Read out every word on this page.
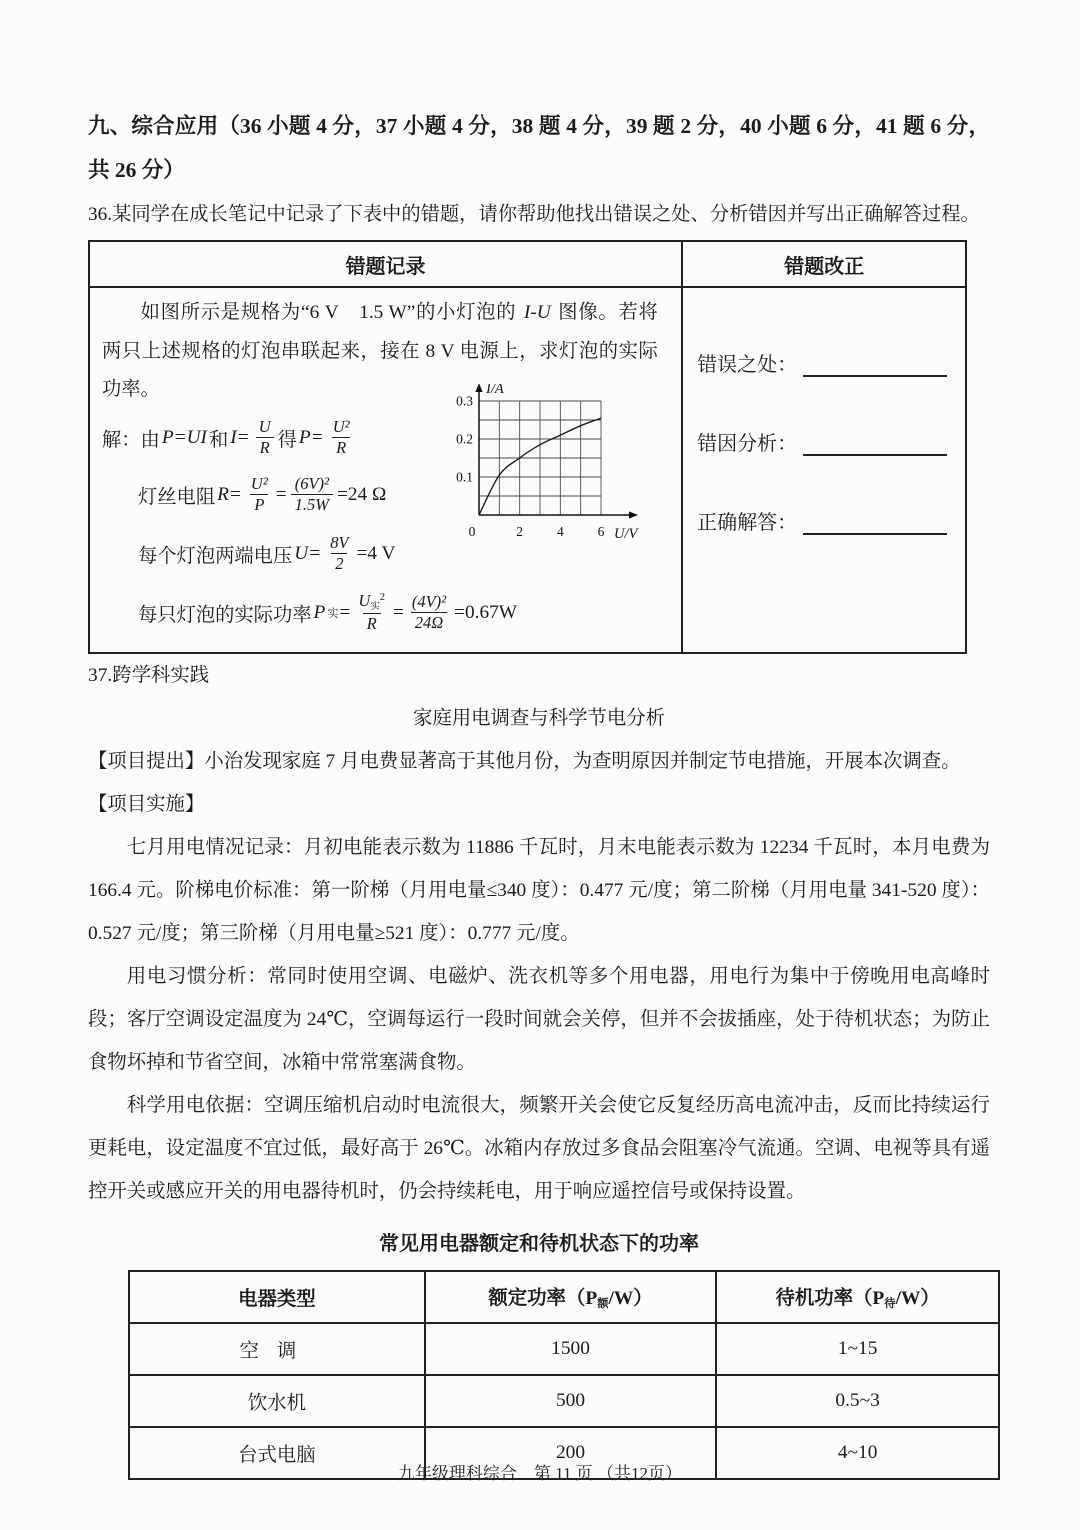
九、综合应用（36 小题 4 分，37 小题 4 分，38 题 4 分，39 题 2 分，40 小题 6 分，41 题 6 分，共 26 分）

36.某同学在成长笔记中记录了下表中的错题，请你帮助他找出错误之处、分析错因并写出正确解答过程。

错题记录	错题改正

如图所示是规格为“6 V　1.5 W”的小灯泡的 I-U 图像。若将两只上述规格的灯泡串联起来，接在 8 V 电源上，求灯泡的实际功率。

解：由 P=UI 和 $I= \frac{U}{R}$ 得 $P= \frac{\text{U²}}{R}$
灯丝电阻 $R= \frac{\text{U²}}{P} = \frac{\text{(6V)²}}{1.5W} =24$ Ω
每个灯泡两端电压 $U= \frac{8V}{2} =4$ V
每只灯泡的实际功率 P 实 = $\frac{U_实^2}{R} = \frac{\text{(4V)²}}{24\Omega} =0.67W$
I/A
U/V
0.1
0.2
0.3
0	2	4	6

错误之处：
错因分析：
正确解答：

37.跨学科实践

家庭用电调查与科学节电分析

【项目提出】小治发现家庭 7 月电费显著高于其他月份，为查明原因并制定节电措施，开展本次调查。

【项目实施】

七月用电情况记录：月初电能表示数为 11886 千瓦时，月末电能表示数为 12234 千瓦时，本月电费为 166.4 元。阶梯电价标准：第一阶梯（月用电量≤340 度）：0.477 元/度；第二阶梯（月用电量 341-520 度）：0.527 元/度；第三阶梯（月用电量≥521 度）：0.777 元/度。

用电习惯分析：常同时使用空调、电磁炉、洗衣机等多个用电器，用电行为集中于傍晚用电高峰时段；客厅空调设定温度为 24℃，空调每运行一段时间就会关停，但并不会拔插座，处于待机状态；为防止食物坏掉和节省空间，冰箱中常常塞满食物。

科学用电依据：空调压缩机启动时电流很大，频繁开关会使它反复经历高电流冲击，反而比持续运行更耗电，设定温度不宜过低，最好高于 26℃。冰箱内存放过多食品会阻塞冷气流通。空调、电视等具有遥控开关或感应开关的用电器待机时，仍会持续耗电，用于响应遥控信号或保持设置。

常见用电器额定和待机状态下的功率

电器类型	额定功率$(P_额/W)$	待机功率$(P_待/W)$
空 调	1500	1~15
饮水机	500	0.5~3
台式电脑	200	4~10
九年级理科综合　第 11 页 （共12页）
